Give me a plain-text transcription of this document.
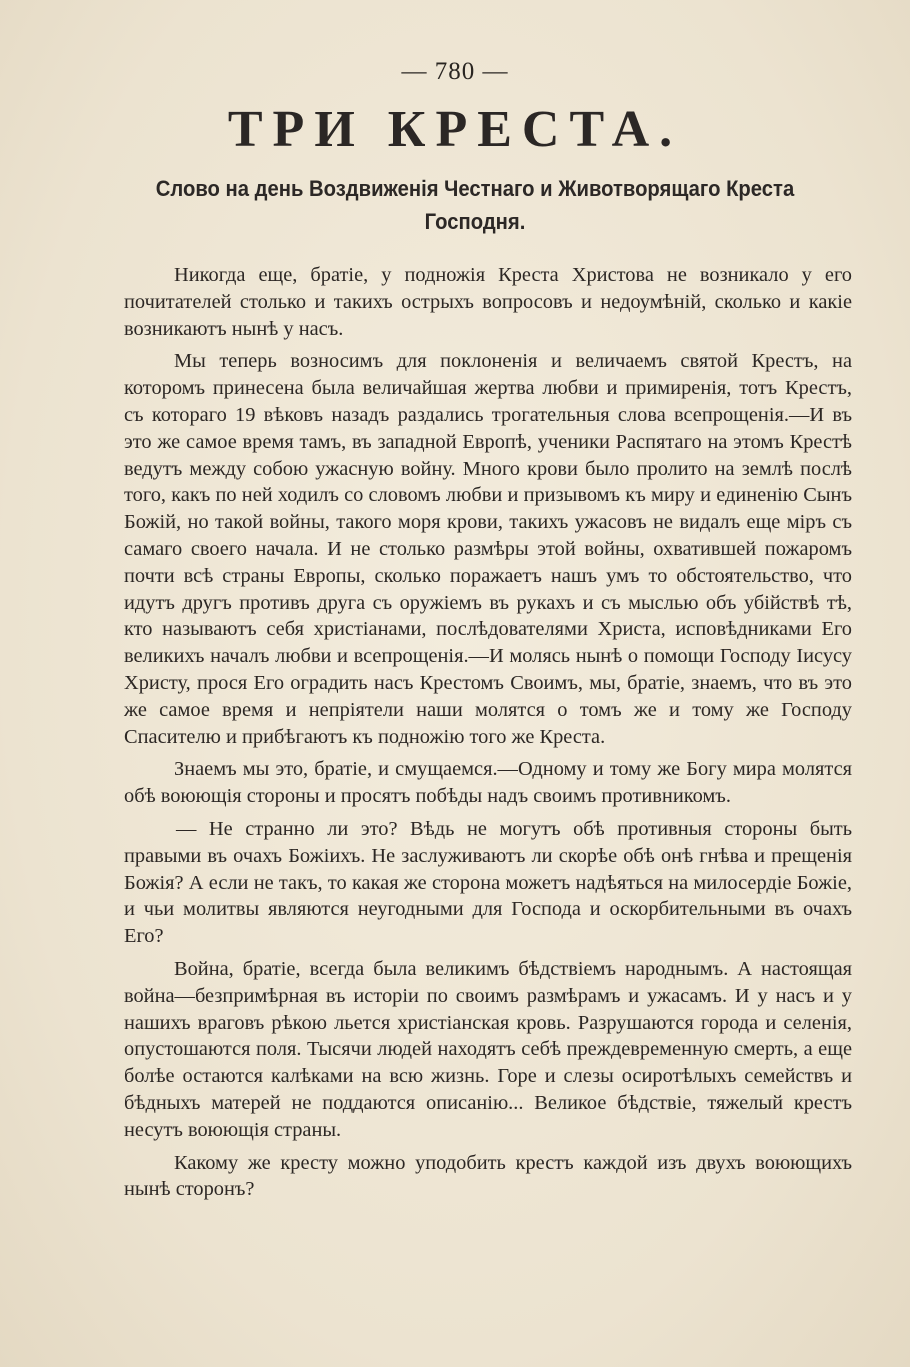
— 780 —
ТРИ КРЕСТА.
Слово на день Воздвиженія Честнаго и Животворящаго Креста Господня.

Никогда еще, братіе, у подножія Креста Христова не возникало у его почитателей столько и такихъ острыхъ вопросовъ и недоумѣній, сколько и какіе возникаютъ нынѣ у насъ.

Мы теперь возносимъ для поклоненія и величаемъ святой Крестъ, на которомъ принесена была величайшая жертва любви и примиренія, тотъ Крестъ, съ котораго 19 вѣковъ назадъ раздались трогательныя слова всепрощенія.—И въ это же самое время тамъ, въ западной Европѣ, ученики Распятаго на этомъ Крестѣ ведутъ между собою ужасную войну. Много крови было пролито на землѣ послѣ того, какъ по ней ходилъ со словомъ любви и призывомъ къ миру и единенію Сынъ Божій, но такой войны, такого моря крови, такихъ ужасовъ не видалъ еще міръ съ самаго своего начала. И не столько размѣры этой войны, охватившей пожаромъ почти всѣ страны Европы, сколько поражаетъ нашъ умъ то обстоятельство, что идутъ другъ противъ друга съ оружіемъ въ рукахъ и съ мыслью объ убійствѣ тѣ, кто называютъ себя христіанами, послѣдователями Христа, исповѣдниками Его великихъ началъ любви и всепрощенія.—И молясь нынѣ о помощи Господу Іисусу Христу, прося Его оградить насъ Крестомъ Своимъ, мы, братіе, знаемъ, что въ это же самое время и непріятели наши молятся о томъ же и тому же Господу Спасителю и прибѣгаютъ къ подножію того же Креста.

Знаемъ мы это, братіе, и смущаемся.—Одному и тому же Богу мира молятся обѣ воюющія стороны и просятъ побѣды надъ своимъ противникомъ.

— Не странно ли это? Вѣдь не могутъ обѣ противныя стороны быть правыми въ очахъ Божіихъ. Не заслуживаютъ ли скорѣе обѣ онѣ гнѣва и прещенія Божія? А если не такъ, то какая же сторона можетъ надѣяться на милосердіе Божіе, и чьи молитвы являются неугодными для Господа и оскорбительными въ очахъ Его?

Война, братіе, всегда была великимъ бѣдствіемъ народнымъ. А настоящая война—безпримѣрная въ исторіи по своимъ размѣрамъ и ужасамъ. И у насъ и у нашихъ враговъ рѣкою льется христіанская кровь. Разрушаются города и селенія, опустошаются поля. Тысячи людей находятъ себѣ преждевременную смерть, а еще болѣе остаются калѣками на всю жизнь. Горе и слезы осиротѣлыхъ семействъ и бѣдныхъ матерей не поддаются описанію... Великое бѣдствіе, тяжелый крестъ несутъ воюющія страны.

Какому же кресту можно уподобить крестъ каждой изъ двухъ воюющихъ нынѣ сторонъ?
